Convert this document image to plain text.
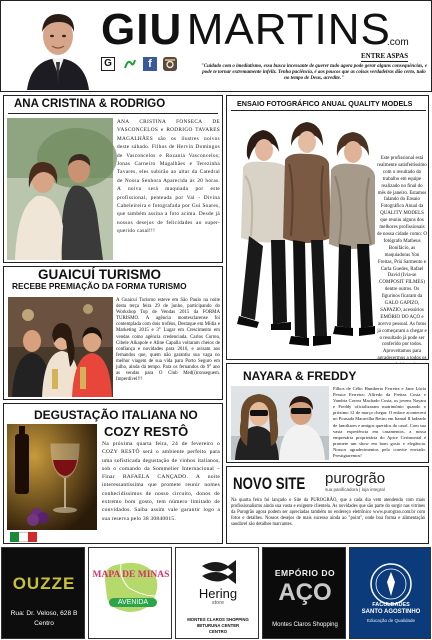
GIU MARTINS
.com
G	f
ENTRE ASPAS
"Cuidado com o imediatismo, essa busca incessante de querer tudo agora pode gerar alguns consequências, e pode te tornar extremamente infeliz. Tenha paciência, é aos poucos que as coisas verdadeiras dão certo, tudo no tempo de Deus, acredite."
ANA CRISTINA & RODRIGO
ANA CRISTINA FONSECA DE VASCONCELOS e RODRIGO TAVARES MAGALHÃES são os ilustres noivos deste sábado. Filhos de Hervin Domingos de Vasconcelos e Rozania Vasconcelos; Jonas Carneiro Magalhães e Terezinha Tavares, eles subirão ao altar da Catedral de Nossa Senhora Aparecida às 20 horas. A noiva será maquiada por este profissional, penteada por Val - Divina Cabeleireira e fotografada por Gui Soares, que também assina a foto acima. Desde já nossos desejos de felicidades ao super-querido casal!!!
ENSAIO FOTOGRÁFICO ANUAL QUALITY MODELS
Este profissional está realmente satisfeitíssimo com o resultado do trabalho em equipe realizado no final do mês de janeiro. Estamos falando do Ensaio Fotográfico Anual da QUALITY MODELS que reuniu alguns dos melhores profissionais de nossa cidade como: O fotógrafo Matheus Bonifácio, as maquiadoras Yon Freitas, Priá Sarmento e Carla Guedes, Rafael David (Ivia-se COMPOSIT FILMES) dentre outros. Os figurinos ficaram da GALO GAPIZO, SAPAZIO, acessórios EMÓRIO DO AÇO e acervo pessoal. As fotos já começaram a chegar e o resultado já pode ser conferido por todos. Aproveitamos para agradecermos a todos os
GUAICUÍ TURISMO
RECEBE PREMIAÇÃO DA FORMA TURISMO
A Guaicuí Turismo esteve em São Paulo na noite desta terça feira 29 de junho, participando do Workshop Top de Vendas 2015 da FORMA TURISMO. A agência montesclarense foi contemplada com dois troféus, Destaque em Mídia e Marketing 2015 e 3° Lugar em Crescimento em vendas como agência credenciada. Carlos Correa, Cibele Alkapole e Aline Capalla voltaram cheios de confiança e novidades para 2016, e avisam aos fernandos que, quem não garantiu sua vaga no melhor viagem de sua vida para Porto Seguro em julho, ainda dá tempo. Para os fernandos do 9° ano as vendas para O Club Med(i)conseguem. Imperdível!!!	NAYARA & FREDDY
Filhos de Célio Humberto Ferreira e Jane Lúcia Pessoa Ferreira; Alfredo da Freitas Costa e Vandria Correa Machado Costa, os jovens Nayara e Freddy oficializaram matrimônio quando o próximo 12 de março chegar. O enlace acontecerá no Pousada Maravilha Retiro em Itamal II ladeado de familiares e amigos queridos do casal. Com sua vasta experiência em casamentos, a nossa empresária proprietária do Apice Cerimonial é promete um show em bom gosto e elegância. Nossos agradecimentos pelo convite enviado. Prestigiaremos!
DEGUSTAÇÃO ITALIANA NO
COZY RESTÔ
Na próxima quarta feira, 24 de fevereiro o COZY RESTÔ será o ambiente perfeito para uma sofisticada degustação de vinhos italianos, sob o comando da Sommelier Internacional – Finar RAFAELA CANÇADO. A noite interessantíssima que promete reunir nomes conhecidíssimos de nosso circuito, donos de extremo bom gosto, tem número limitado de convidados. Saiba assim vale garantir logo a sua reserva pelo 38 30840015.
NOVO SITE purogrão
sua panificadora | loja integral
Na quarta feira foi lançado o Site da PUROGRÃO, que a cada dia vem atendendo com mais profissionalismo ainda sua vasta e exigente clientela. As novidades que são parte do surgir nas vitrines da Purogrão agora podem ser apreciadas também no endereço eletrônico www.purograo.com.br com fotos e detalhes. Nossos desejos de mais sucesso ainda ao "point", onde boa forma e alimentação saudável são detalhes marcantes.
OUZZE
Rua: Dr. Veloso, 628 B
Centro
MAPA DE MINAS
AVENIDA
Hering
store
MONTES CLAROS SHOPPING
IBITURUNA CENTER
CENTRO
EMPÓRIO DO
AÇO
Montes Claros Shopping
FACULDADES
SANTO AGOSTINHO
Educação de Qualidade
